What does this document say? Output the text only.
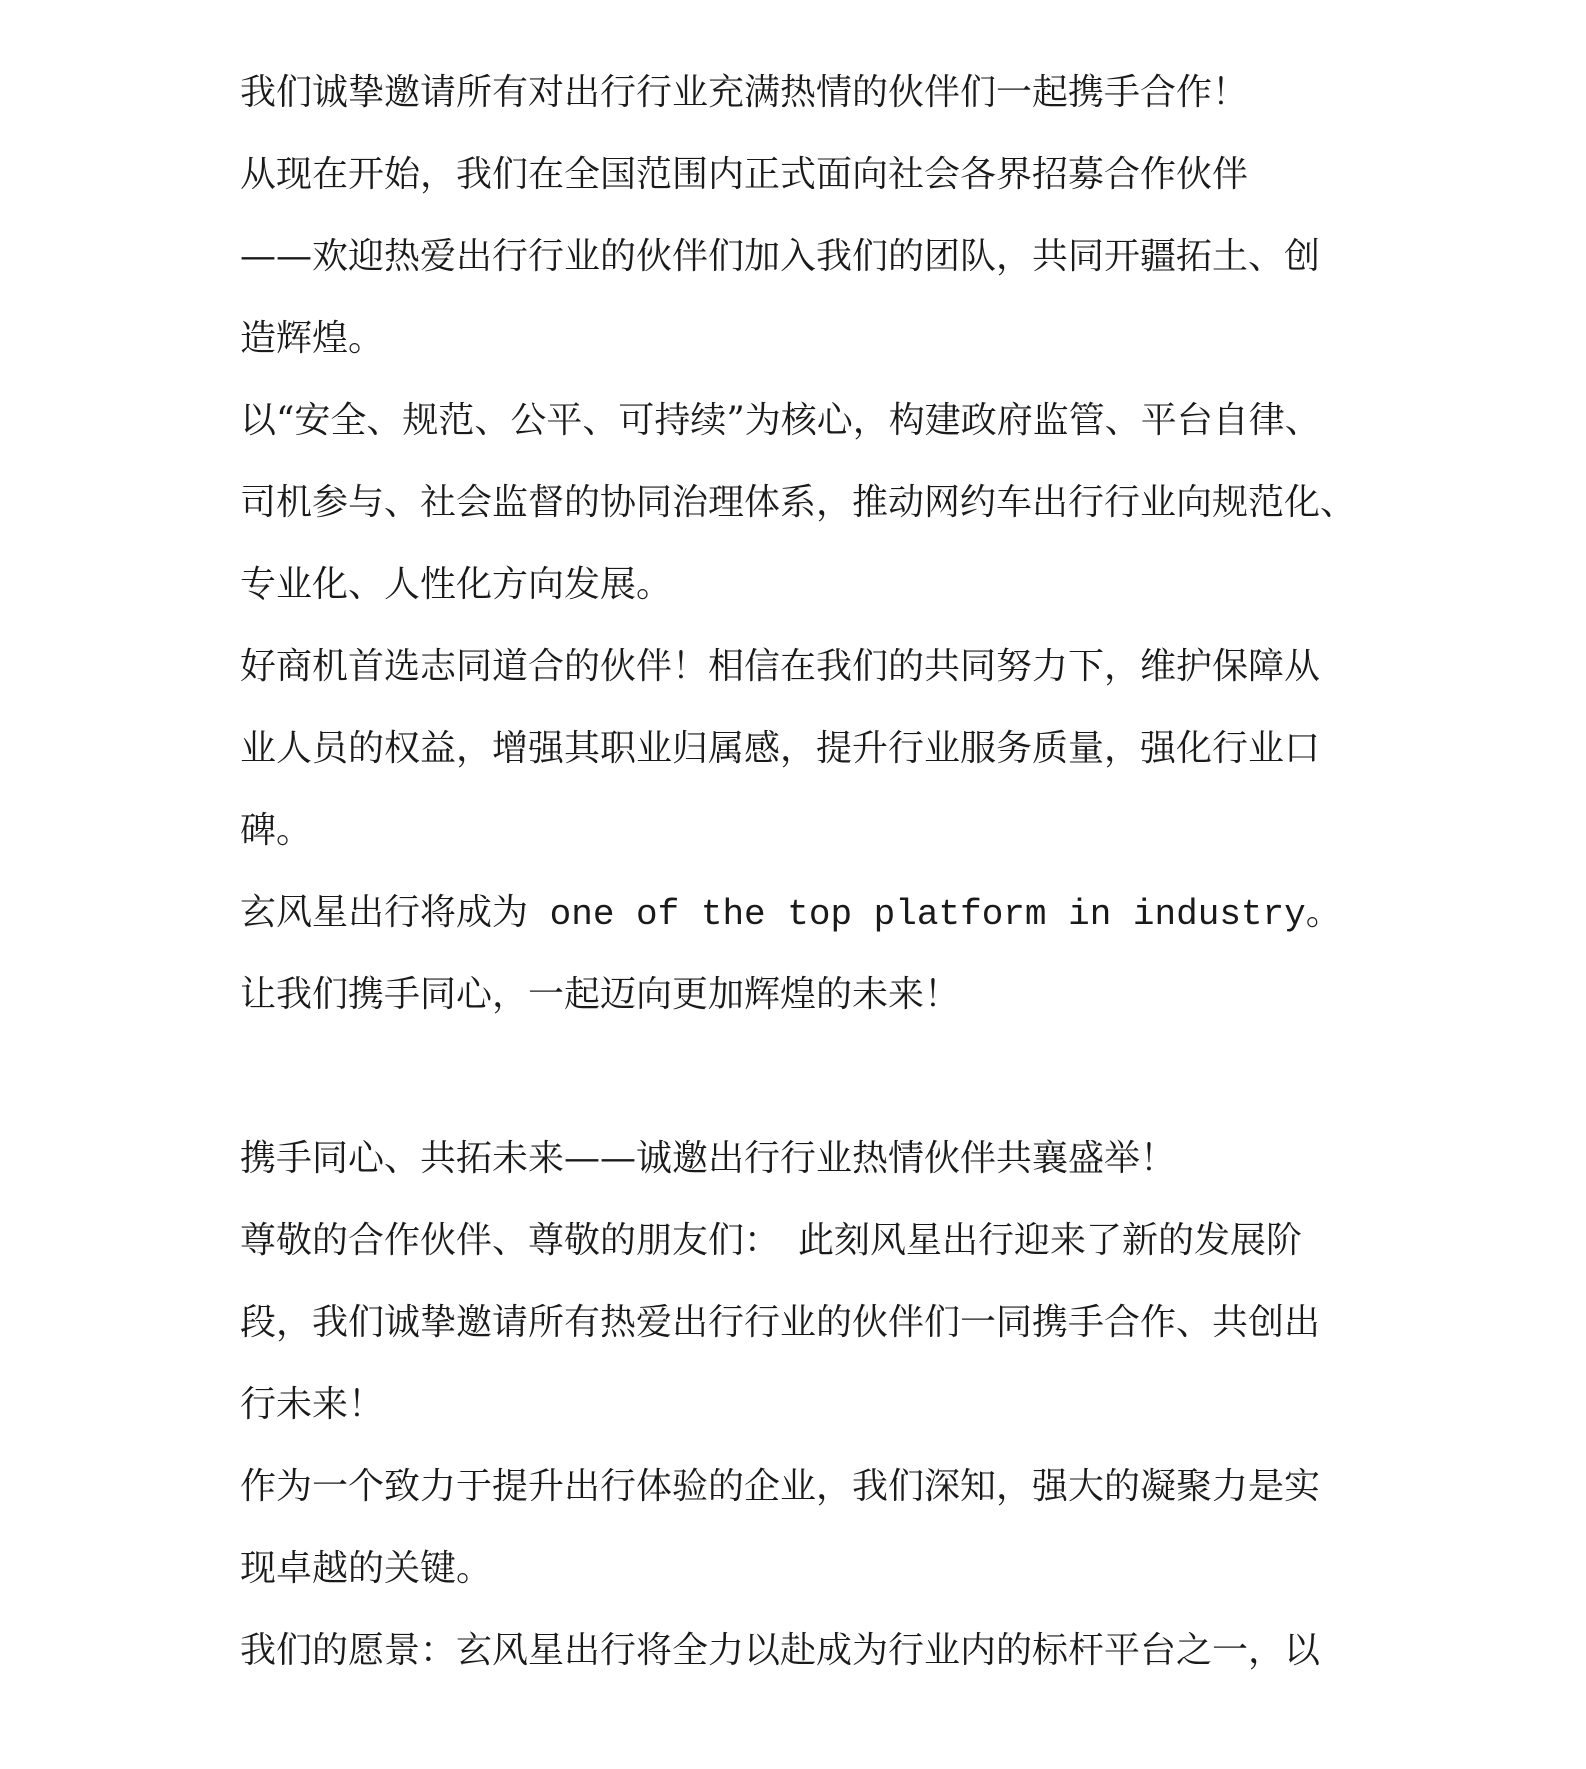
我们诚挚邀请所有对出行行业充满热情的伙伴们一起携手合作！
从现在开始，我们在全国范围内正式面向社会各界招募合作伙伴
——欢迎热爱出行行业的伙伴们加入我们的团队，共同开疆拓土、创
造辉煌。
以“安全、规范、公平、可持续”为核心，构建政府监管、平台自律、
司机参与、社会监督的协同治理体系，推动网约车出行行业向规范化、
专业化、人性化方向发展。
好商机首选志同道合的伙伴！相信在我们的共同努力下，维护保障从
业人员的权益，增强其职业归属感，提升行业服务质量，强化行业口
碑。
玄风星出行将成为 one of the top platform in industry。
让我们携手同心，一起迈向更加辉煌的未来！
携手同心、共拓未来——诚邀出行行业热情伙伴共襄盛举！
尊敬的合作伙伴、尊敬的朋友们：　此刻风星出行迎来了新的发展阶
段，我们诚挚邀请所有热爱出行行业的伙伴们一同携手合作、共创出
行未来！
作为一个致力于提升出行体验的企业，我们深知，强大的凝聚力是实
现卓越的关键。
我们的愿景：玄风星出行将全力以赴成为行业内的标杆平台之一，以
